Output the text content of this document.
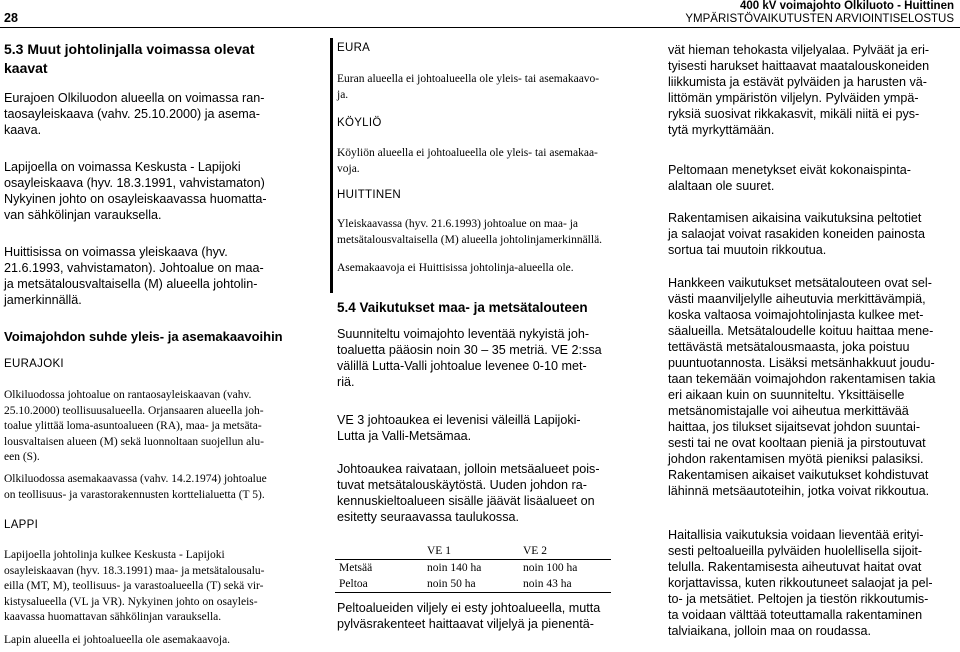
28
400 kV voimajohto Olkiluoto - Huittinen
YMPÄRISTÖVAIKUTUSTEN ARVIOINTISELOSTUS
5.3 Muut johtolinjalla voimassa olevat
kaavat
Eurajoen Olkiluodon alueella on voimassa ran-
taosayleiskaava (vahv. 25.10.2000) ja asema-
kaava.
Lapijoella on voimassa Keskusta - Lapijoki
osayleiskaava (hyv. 18.3.1991, vahvistamaton)
Nykyinen johto on osayleiskaavassa huomatta-
van sähkölinjan varauksella.
Huittisissa on voimassa yleiskaava (hyv.
21.6.1993, vahvistamaton). Johtoalue on maa-
ja metsätalousvaltaisella (M) alueella johtolin-
jamerkinnällä.
Voimajohdon suhde yleis- ja asemakaavoihin
EURAJOKI
Olkiluodossa johtoalue on rantaosayleiskaavan (vahv.
25.10.2000) teollisuusalueella. Orjansaaren alueella joh-
toalue ylittää loma-asuntoalueen (RA), maa- ja metsäta-
lousvaltaisen alueen (M) sekä luonnoltaan suojellun alu-
een (S).
Olkiluodossa asemakaavassa (vahv. 14.2.1974) johtoalue
on teollisuus- ja varastorakennusten korttelialuetta (T 5).
LAPPI
Lapijoella johtolinja kulkee Keskusta - Lapijoki
osayleiskaavan (hyv. 18.3.1991) maa- ja metsätalousalu-
eilla (MT, M), teollisuus- ja varastoalueella (T) sekä vir-
kistysalueella (VL ja VR). Nykyinen johto on osayleis-
kaavassa huomattavan sähkölinjan varauksella.
Lapin alueella ei johtoalueella ole asemakaavoja.
EURA
Euran alueella ei johtoalueella ole yleis- tai asemakaavo-
ja.
KÖYLIÖ
Köyliön alueella ei johtoalueella ole yleis- tai asemakaa-
voja.
HUITTINEN
Yleiskaavassa (hyv. 21.6.1993) johtoalue on maa- ja
metsätalousvaltaisella (M) alueella johtolinjamerkinnällä.
Asemakaavoja ei Huittisissa johtolinja-alueella ole.
5.4 Vaikutukset maa- ja metsätalouteen
Suunniteltu voimajohto leventää nykyistä joh-
toaluetta pääosin noin 30 – 35 metriä. VE 2:ssa
välillä Lutta-Valli johtoalue levenee 0-10 met-
riä.
VE 3 johtoaukea ei levenisi väleillä Lapijoki-
Lutta ja Valli-Metsämaa.
Johtoaukea raivataan, jolloin metsäalueet pois-
tuvat metsätalouskäytöstä. Uuden johdon ra-
kennuskieltoalueen sisälle jäävät lisäalueet on
esitetty seuraavassa taulukossa.
	VE 1	VE 2
Metsää	noin 140 ha	noin 100 ha
Peltoa	noin 50 ha	noin 43 ha
Peltoalueiden viljely ei esty johtoalueella, mutta
pylväsrakenteet haittaavat viljelyä ja pienentä-
vät hieman tehokasta viljelyalaa. Pylväät ja eri-
tyisesti harukset haittaavat maatalouskoneiden
liikkumista ja estävät pylväiden ja harusten vä-
littömän ympäristön viljelyn. Pylväiden ympä-
ryksiä suosivat rikkakasvit, mikäli niitä ei pys-
tytä myrkyttämään.
Peltomaan menetykset eivät kokonaispinta-
alaltaan ole suuret.
Rakentamisen aikaisina vaikutuksina peltotiet
ja salaojat voivat rasakiden koneiden painosta
sortua tai muutoin rikkoutua.
Hankkeen vaikutukset metsätalouteen ovat sel-
västi maanviljelylle aiheutuvia merkittävämpiä,
koska valtaosa voimajohtolinjasta kulkee met-
säalueilla. Metsätaloudelle koituu haittaa mene-
tettävästä metsätalousmaasta, joka poistuu
puuntuotannosta. Lisäksi metsänhakkuut joudu-
taan tekemään voimajohdon rakentamisen takia
eri aikaan kuin on suunniteltu. Yksittäiselle
metsänomistajalle voi aiheutua merkittävää
haittaa, jos tilukset sijaitsevat johdon suuntai-
sesti tai ne ovat kooltaan pieniä ja pirstoutuvat
johdon rakentamisen myötä pieniksi palasiksi.
Rakentamisen aikaiset vaikutukset kohdistuvat
lähinnä metsäautoteihin, jotka voivat rikkoutua.
Haitallisia vaikutuksia voidaan lieventää erityi-
sesti peltoalueilla pylväiden huolellisella sijoit-
telulla. Rakentamisesta aiheutuvat haitat ovat
korjattavissa, kuten rikkoutuneet salaojat ja pel-
to- ja metsätiet. Peltojen ja tiestön rikkoutumis-
ta voidaan välttää toteuttamalla rakentaminen
talviaikana, jolloin maa on roudassa.
